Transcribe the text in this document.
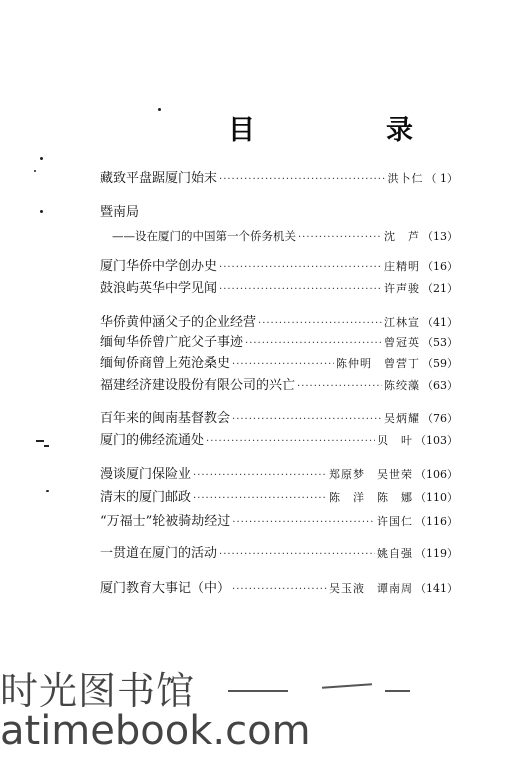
目　录
藏致平盘踞厦门始末 ·····	洪卜仁 （ 1）
暨南局
——设在厦门的中国第一个侨务机关 ·····	沈　芦 （13）
厦门华侨中学创办史 ·····	庄精明 （16）
鼓浪屿英华中学见闻 ·····	许声骏 （21）
华侨黄仲涵父子的企业经营 ·····	江林宣 （41）
缅甸华侨曾广庇父子事迹 ·····	曾冠英 （53）
缅甸侨商曾上苑沧桑史 ·····	陈仲明　曾营丁 （59）
福建经济建设股份有限公司的兴亡 ·····	陈绞藻 （63）
百年来的闽南基督教会 ·····	吴炳耀 （76）
厦门的佛经流通处 ·····	贝　叶 （103）
漫谈厦门保险业 ·····	郑原梦　吴世荣 （106）
清末的厦门邮政 ·····	陈　洋　陈　娜 （110）
“万福士”轮被骑劫经过 ·····	许国仁 （116）
一贯道在厦门的活动 ·····	姚自强 （119）
厦门教育大事记（中） ·····	吴玉液　谭南周 （141）
时光图书馆
atimebook.com
